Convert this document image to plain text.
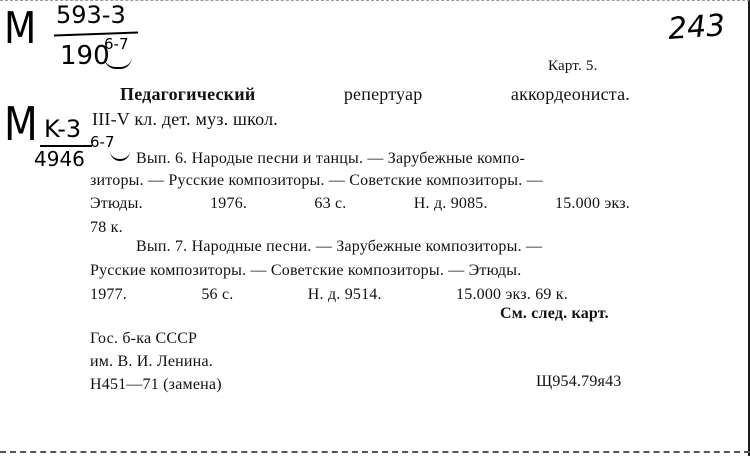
M 593-3
190
6-7
M K-3
4946
6-7
243
Карт. 5.
Педагогический	репертуар	аккордеониста.
III-V кл. дет. муз. школ.
Вып. 6. Народые песни и танцы. — Зарубежные компо-
зиторы. — Русские композиторы. — Советские композиторы. —
Этюды.	1976.	63 с.	Н. д. 9085.	15.000 экз.
78 к.
Вып. 7. Народные песни. — Зарубежные композиторы. —
Русские композиторы. — Советские композиторы. — Этюды.
1977.	56 с.	Н. д. 9514.	15.000 экз. 69 к.
См. след. карт.
Гос. б-ка СССР
им. В. И. Ленина.
Н451—71 (замена)	Щ954.79я43
